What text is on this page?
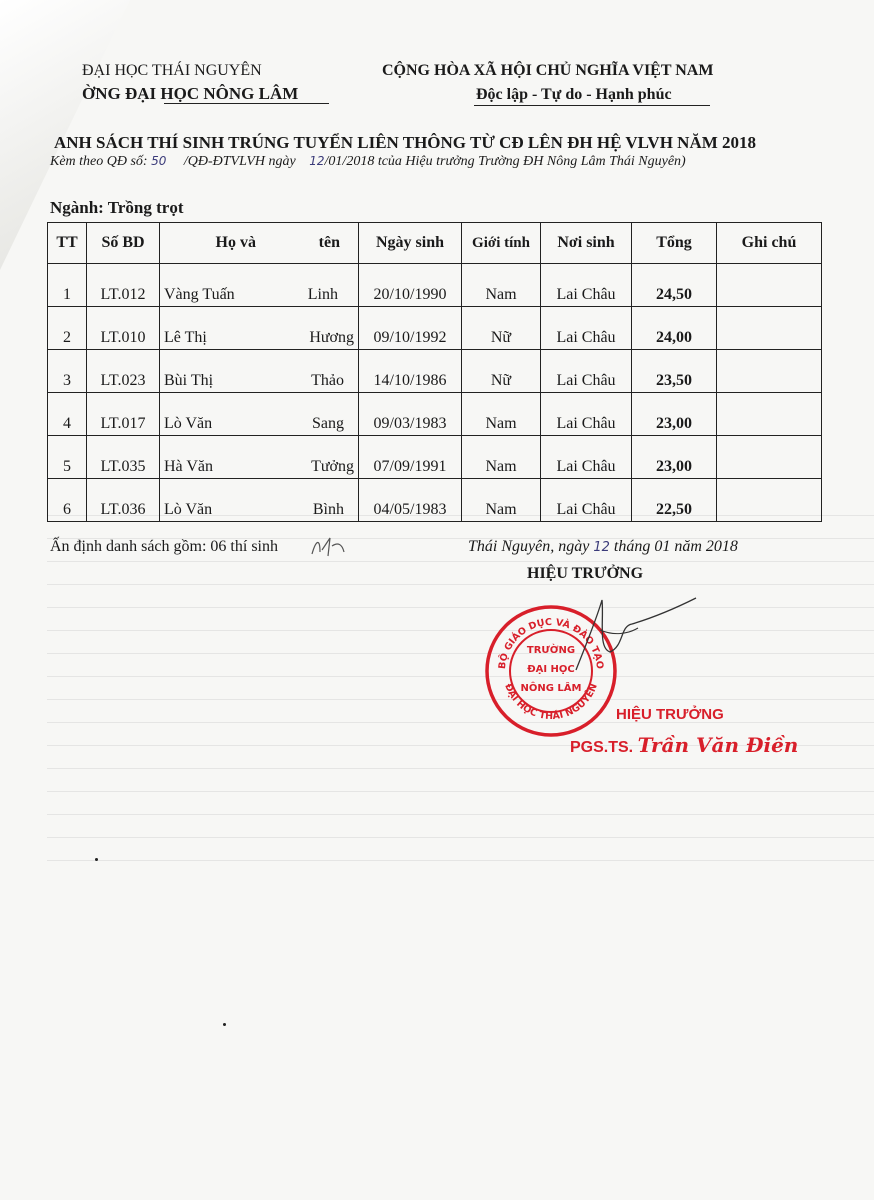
ĐẠI HỌC THÁI NGUYÊN
ỜNG ĐẠI HỌC NÔNG LÂM
CỘNG HÒA XÃ HỘI CHỦ NGHĨA VIỆT NAM
Độc lập - Tự do - Hạnh phúc
ANH SÁCH THÍ SINH TRÚNG TUYỂN LIÊN THÔNG TỪ CĐ LÊN ĐH HỆ VLVH NĂM 2018
Kèm theo QĐ số: 50 /QĐ-ĐTVLVH ngày 12/01/2018 tcủa Hiệu trưởng Trường ĐH Nông Lâm Thái Nguyên)
Ngành: Trồng trọt
TT	Số BD	Họ và	tên	Ngày sinh	Giới tính	Nơi sinh	Tổng	Ghi chú
1	LT.012	Vàng Tuấn	Linh	20/10/1990	Nam	Lai Châu	24,50	
2	LT.010	Lê Thị	Hương	09/10/1992	Nữ	Lai Châu	24,00	
3	LT.023	Bùi Thị	Thảo	14/10/1986	Nữ	Lai Châu	23,50	
4	LT.017	Lò Văn	Sang	09/03/1983	Nam	Lai Châu	23,00	
5	LT.035	Hà Văn	Tưởng	07/09/1991	Nam	Lai Châu	23,00	
6	LT.036	Lò Văn	Bình	04/05/1983	Nam	Lai Châu	22,50	
Ấn định danh sách gồm: 06 thí sinh	Thái Nguyên, ngày 12 tháng 01 năm 2018
HIỆU TRƯỞNG
BỘ GIÁO DỤC VÀ ĐÀO TẠO
ĐẠI HỌC THÁI NGUYÊN
TRƯỜNG
ĐẠI HỌC
NÔNG LÂM
HIỆU TRƯỞNG
PGS.TS. Trần Văn Điền
